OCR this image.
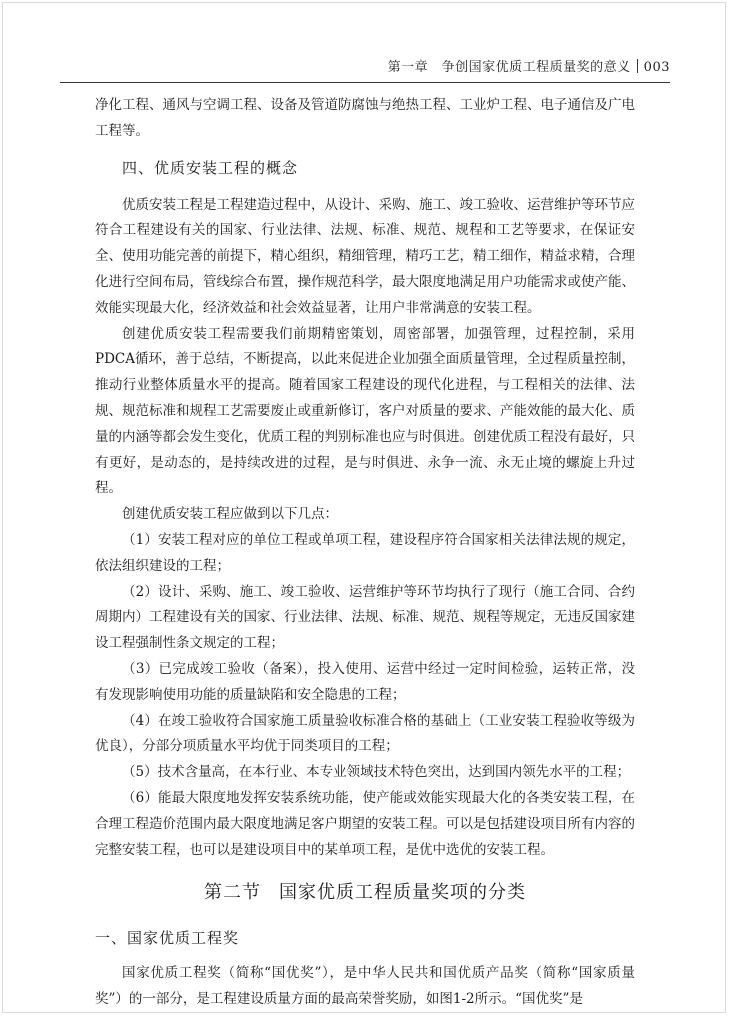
第一章　争创国家优质工程质量奖的意义 003

净化工程、通风与空调工程、设备及管道防腐蚀与绝热工程、工业炉工程、电子通信及广电工程等。

四、优质安装工程的概念

优质安装工程是工程建造过程中，从设计、采购、施工、竣工验收、运营维护等环节应符合工程建设有关的国家、行业法律、法规、标准、规范、规程和工艺等要求，在保证安全、使用功能完善的前提下，精心组织，精细管理，精巧工艺，精工细作，精益求精，合理化进行空间布局，管线综合布置，操作规范科学，最大限度地满足用户功能需求或使产能、效能实现最大化，经济效益和社会效益显著，让用户非常满意的安装工程。

创建优质安装工程需要我们前期精密策划，周密部署，加强管理，过程控制，采用PDCA循环，善于总结，不断提高，以此来促进企业加强全面质量管理，全过程质量控制，推动行业整体质量水平的提高。随着国家工程建设的现代化进程，与工程相关的法律、法规、规范标准和规程工艺需要废止或重新修订，客户对质量的要求、产能效能的最大化、质量的内涵等都会发生变化，优质工程的判别标准也应与时俱进。创建优质工程没有最好，只有更好，是动态的，是持续改进的过程，是与时俱进、永争一流、永无止境的螺旋上升过程。

创建优质安装工程应做到以下几点：

（1）安装工程对应的单位工程或单项工程，建设程序符合国家相关法律法规的规定，依法组织建设的工程；

（2）设计、采购、施工、竣工验收、运营维护等环节均执行了现行（施工合同、合约周期内）工程建设有关的国家、行业法律、法规、标准、规范、规程等规定，无违反国家建设工程强制性条文规定的工程；

（3）已完成竣工验收（备案），投入使用、运营中经过一定时间检验，运转正常，没有发现影响使用功能的质量缺陷和安全隐患的工程；

（4）在竣工验收符合国家施工质量验收标准合格的基础上（工业安装工程验收等级为优良），分部分项质量水平均优于同类项目的工程；

（5）技术含量高，在本行业、本专业领域技术特色突出，达到国内领先水平的工程；

（6）能最大限度地发挥安装系统功能，使产能或效能实现最大化的各类安装工程，在合理工程造价范围内最大限度地满足客户期望的安装工程。可以是包括建设项目所有内容的完整安装工程，也可以是建设项目中的某单项工程，是优中选优的安装工程。

第二节 国家优质工程质量奖项的分类
一、国家优质工程奖

国家优质工程奖（简称“国优奖”），是中华人民共和国优质产品奖（简称“国家质量奖”）的一部分，是工程建设质量方面的最高荣誉奖励，如图1-2所示。“国优奖”是
